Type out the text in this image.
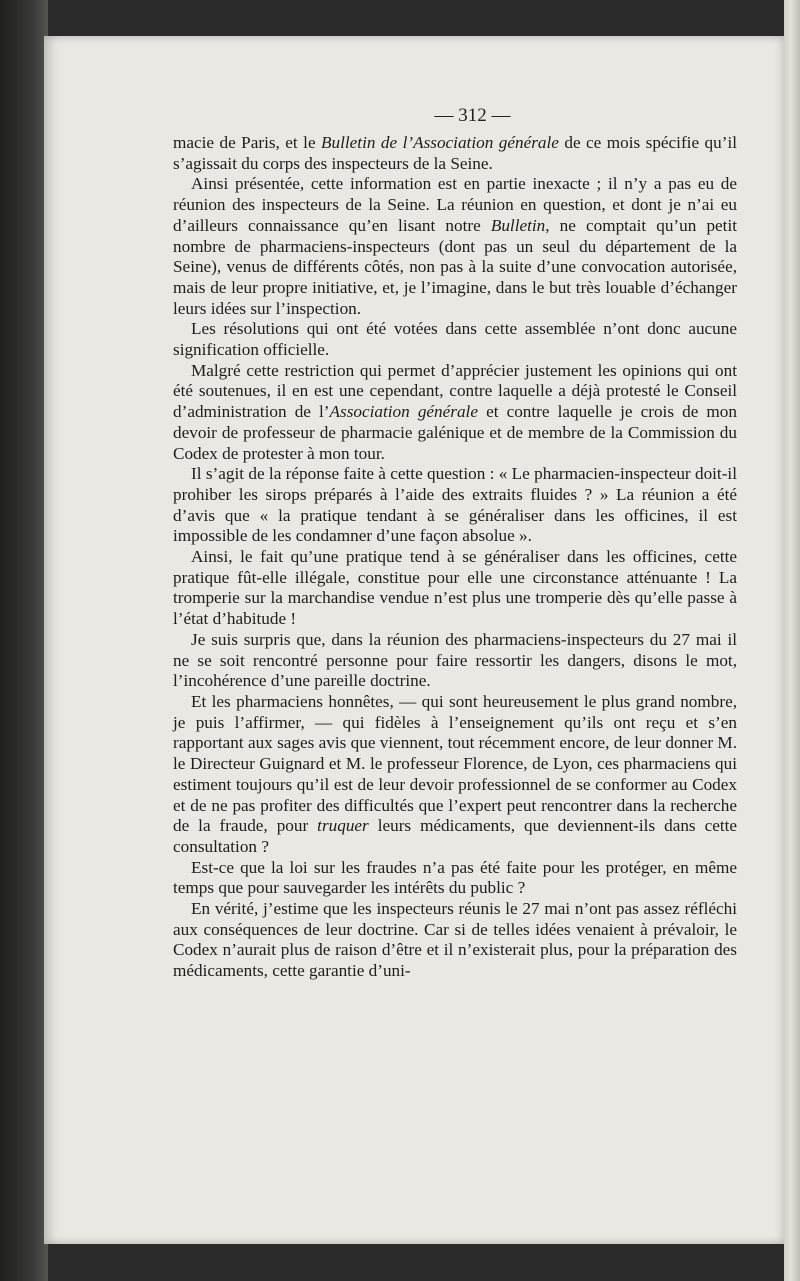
— 312 —

macie de Paris, et le Bulletin de l’Association générale de ce mois spécifie qu’il s’agissait du corps des inspecteurs de la Seine.

Ainsi présentée, cette information est en partie inexacte ; il n’y a pas eu de réunion des inspecteurs de la Seine. La réunion en question, et dont je n’ai eu d’ailleurs connaissance qu’en lisant notre Bulletin, ne comptait qu’un petit nombre de pharmaciens-inspecteurs (dont pas un seul du département de la Seine), venus de différents côtés, non pas à la suite d’une convocation autorisée, mais de leur propre initiative, et, je l’imagine, dans le but très louable d’échanger leurs idées sur l’inspection.

Les résolutions qui ont été votées dans cette assemblée n’ont donc aucune signification officielle.

Malgré cette restriction qui permet d’apprécier justement les opinions qui ont été soutenues, il en est une cependant, contre laquelle a déjà protesté le Conseil d’administration de l’Association générale et contre laquelle je crois de mon devoir de professeur de pharmacie galénique et de membre de la Commission du Codex de protester à mon tour.

Il s’agit de la réponse faite à cette question : « Le pharmacien-inspecteur doit-il prohiber les sirops préparés à l’aide des extraits fluides ? » La réunion a été d’avis que « la pratique tendant à se généraliser dans les officines, il est impossible de les condamner d’une façon absolue ».

Ainsi, le fait qu’une pratique tend à se généraliser dans les officines, cette pratique fût-elle illégale, constitue pour elle une circonstance atténuante ! La tromperie sur la marchandise vendue n’est plus une tromperie dès qu’elle passe à l’état d’habitude !

Je suis surpris que, dans la réunion des pharmaciens-inspecteurs du 27 mai il ne se soit rencontré personne pour faire ressortir les dangers, disons le mot, l’incohérence d’une pareille doctrine.

Et les pharmaciens honnêtes, — qui sont heureusement le plus grand nombre, je puis l’affirmer, — qui fidèles à l’enseignement qu’ils ont reçu et s’en rapportant aux sages avis que viennent, tout récemment encore, de leur donner M. le Directeur Guignard et M. le professeur Florence, de Lyon, ces pharmaciens qui estiment toujours qu’il est de leur devoir professionnel de se conformer au Codex et de ne pas profiter des difficultés que l’expert peut rencontrer dans la recherche de la fraude, pour truquer leurs médicaments, que deviennent-ils dans cette consultation ?

Est-ce que la loi sur les fraudes n’a pas été faite pour les protéger, en même temps que pour sauvegarder les intérêts du public ?

En vérité, j’estime que les inspecteurs réunis le 27 mai n’ont pas assez réfléchi aux conséquences de leur doctrine. Car si de telles idées venaient à prévaloir, le Codex n’aurait plus de raison d’être et il n’existerait plus, pour la préparation des médicaments, cette garantie d’uni-
